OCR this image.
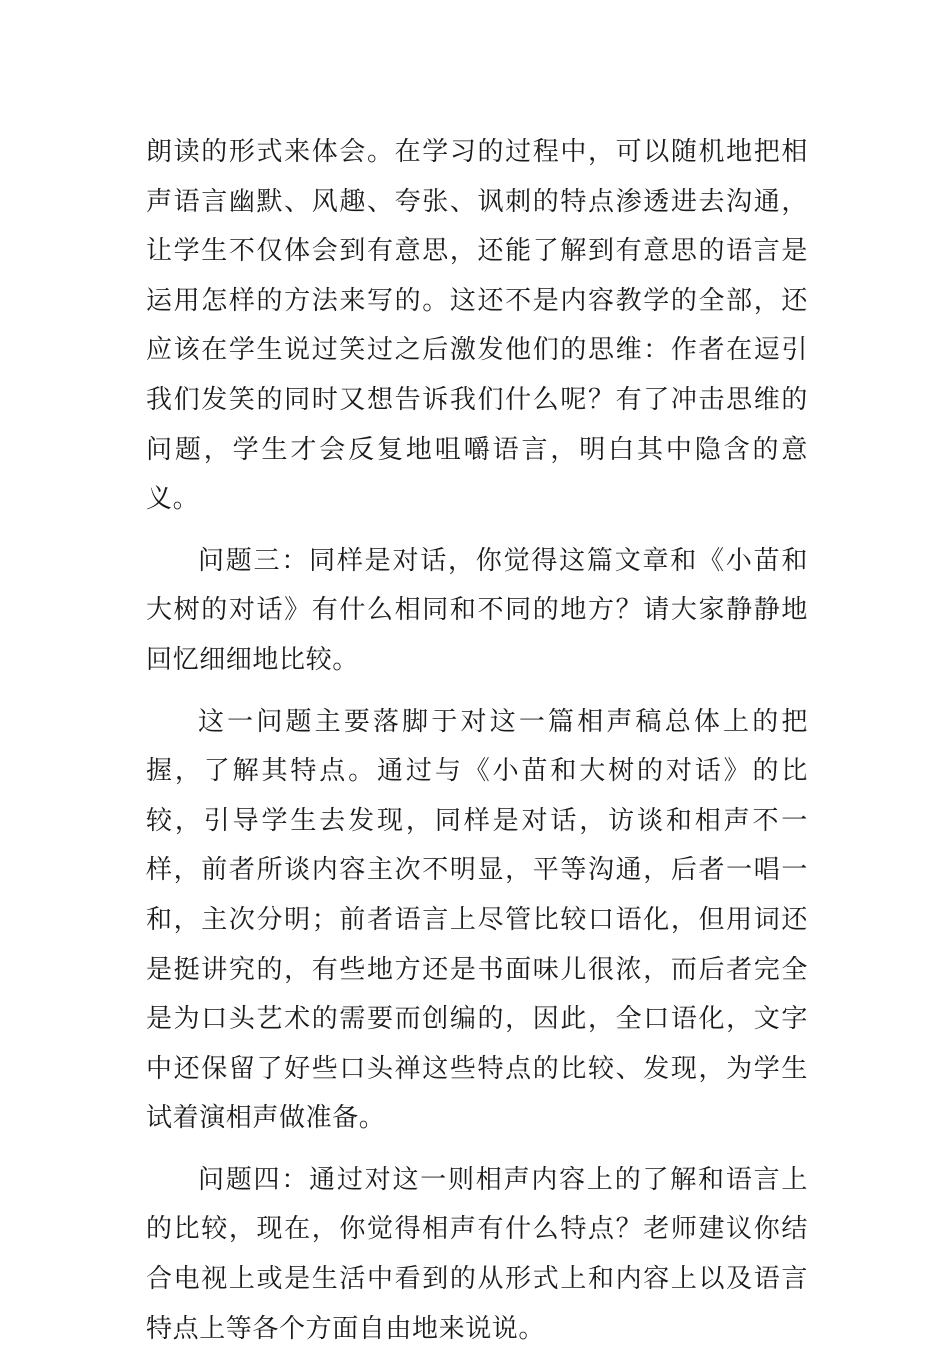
朗读的形式来体会。在学习的过程中，可以随机地把相声语言幽默、风趣、夸张、讽刺的特点渗透进去沟通，让学生不仅体会到有意思，还能了解到有意思的语言是运用怎样的方法来写的。这还不是内容教学的全部，还应该在学生说过笑过之后激发他们的思维：作者在逗引我们发笑的同时又想告诉我们什么呢？有了冲击思维的问题，学生才会反复地咀嚼语言，明白其中隐含的意义。

问题三：同样是对话，你觉得这篇文章和《小苗和大树的对话》有什么相同和不同的地方？请大家静静地回忆细细地比较。

这一问题主要落脚于对这一篇相声稿总体上的把握，了解其特点。通过与《小苗和大树的对话》的比较，引导学生去发现，同样是对话，访谈和相声不一样，前者所谈内容主次不明显，平等沟通，后者一唱一和，主次分明；前者语言上尽管比较口语化，但用词还是挺讲究的，有些地方还是书面味儿很浓，而后者完全是为口头艺术的需要而创编的，因此，全口语化，文字中还保留了好些口头禅这些特点的比较、发现，为学生试着演相声做准备。

问题四：通过对这一则相声内容上的了解和语言上的比较，现在，你觉得相声有什么特点？老师建议你结合电视上或是生活中看到的从形式上和内容上以及语言特点上等各个方面自由地来说说。
